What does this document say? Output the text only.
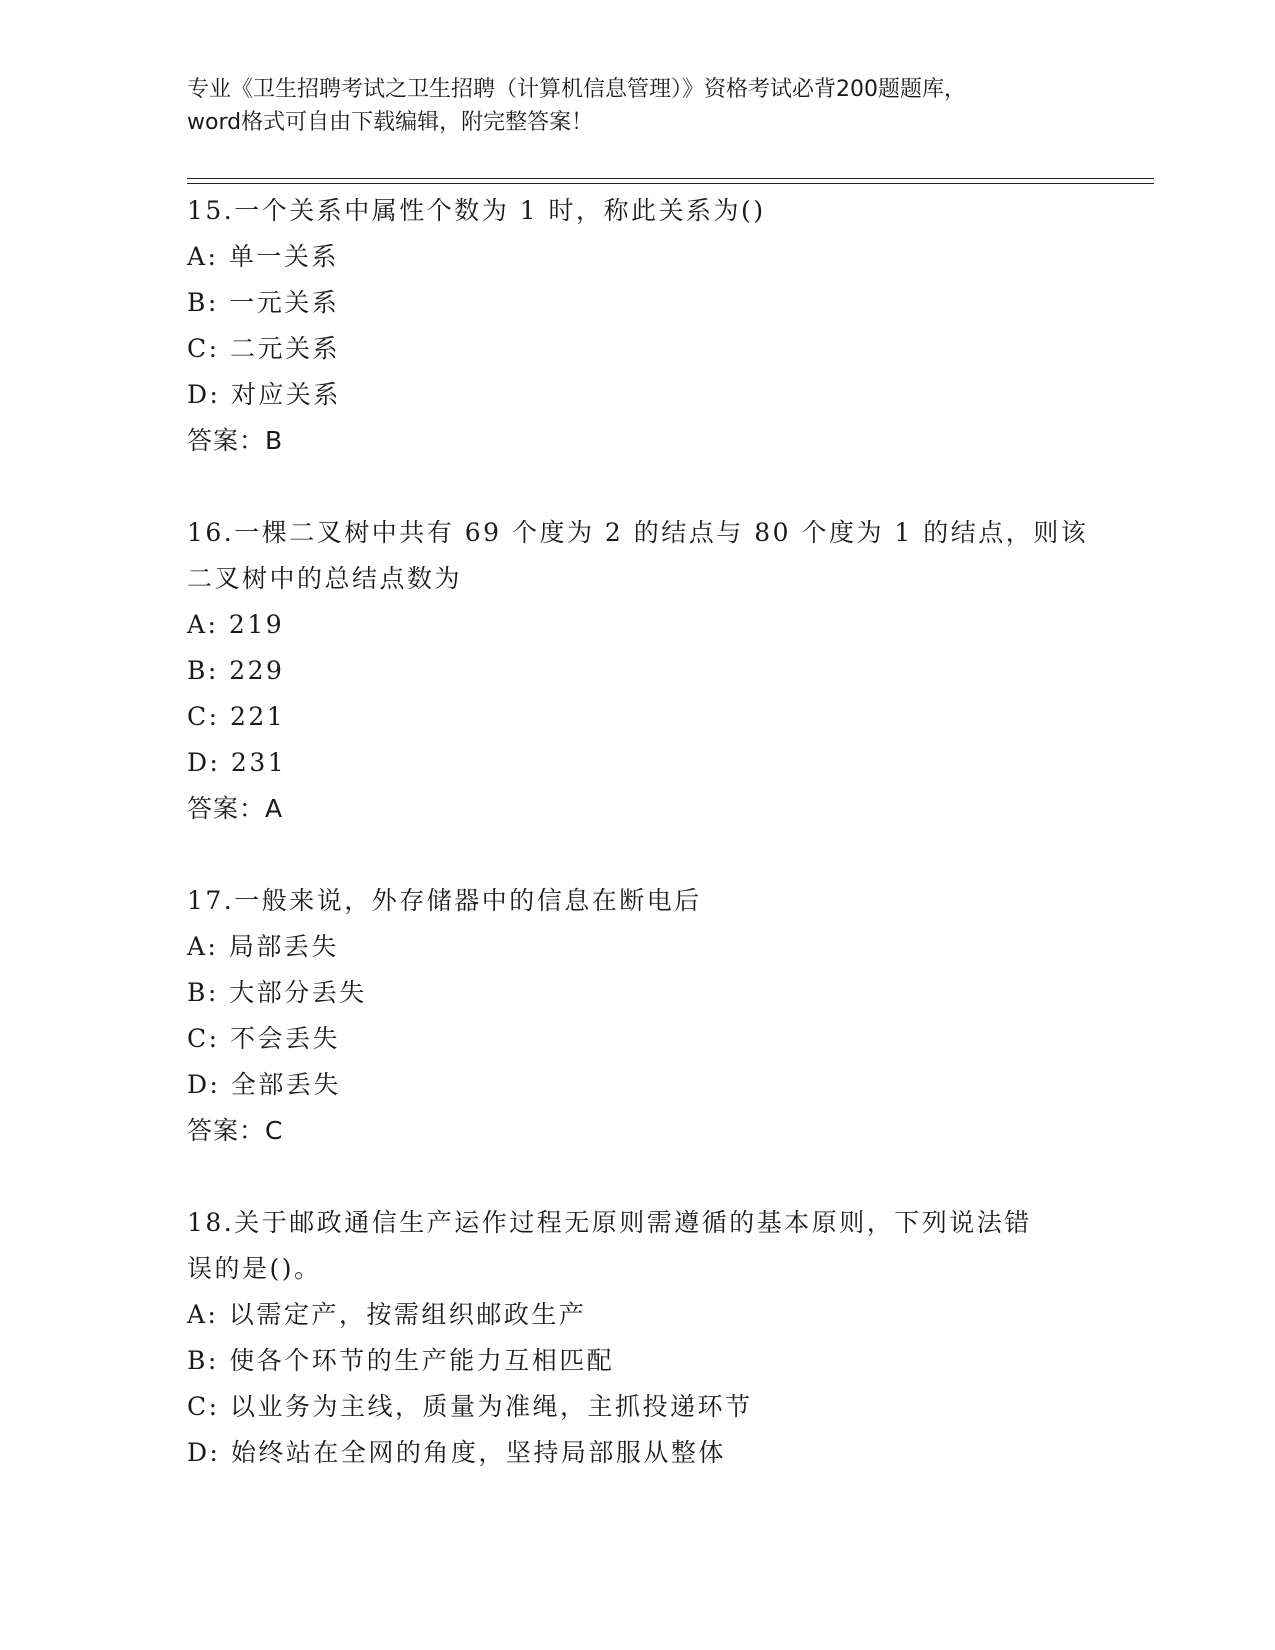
专业《卫生招聘考试之卫生招聘（计算机信息管理）》资格考试必背200题题库，
word格式可自由下载编辑，附完整答案！
15.一个关系中属性个数为 1 时，称此关系为()
A: 单一关系
B: 一元关系
C: 二元关系
D: 对应关系
答案：B
16.一棵二叉树中共有 69 个度为 2 的结点与 80 个度为 1 的结点，则该
二叉树中的总结点数为
A: 219
B: 229
C: 221
D: 231
答案：A
17.一般来说，外存储器中的信息在断电后
A: 局部丢失
B: 大部分丢失
C: 不会丢失
D: 全部丢失
答案：C
18.关于邮政通信生产运作过程无原则需遵循的基本原则，下列说法错
误的是()。
A: 以需定产，按需组织邮政生产
B: 使各个环节的生产能力互相匹配
C: 以业务为主线，质量为准绳，主抓投递环节
D: 始终站在全网的角度，坚持局部服从整体
